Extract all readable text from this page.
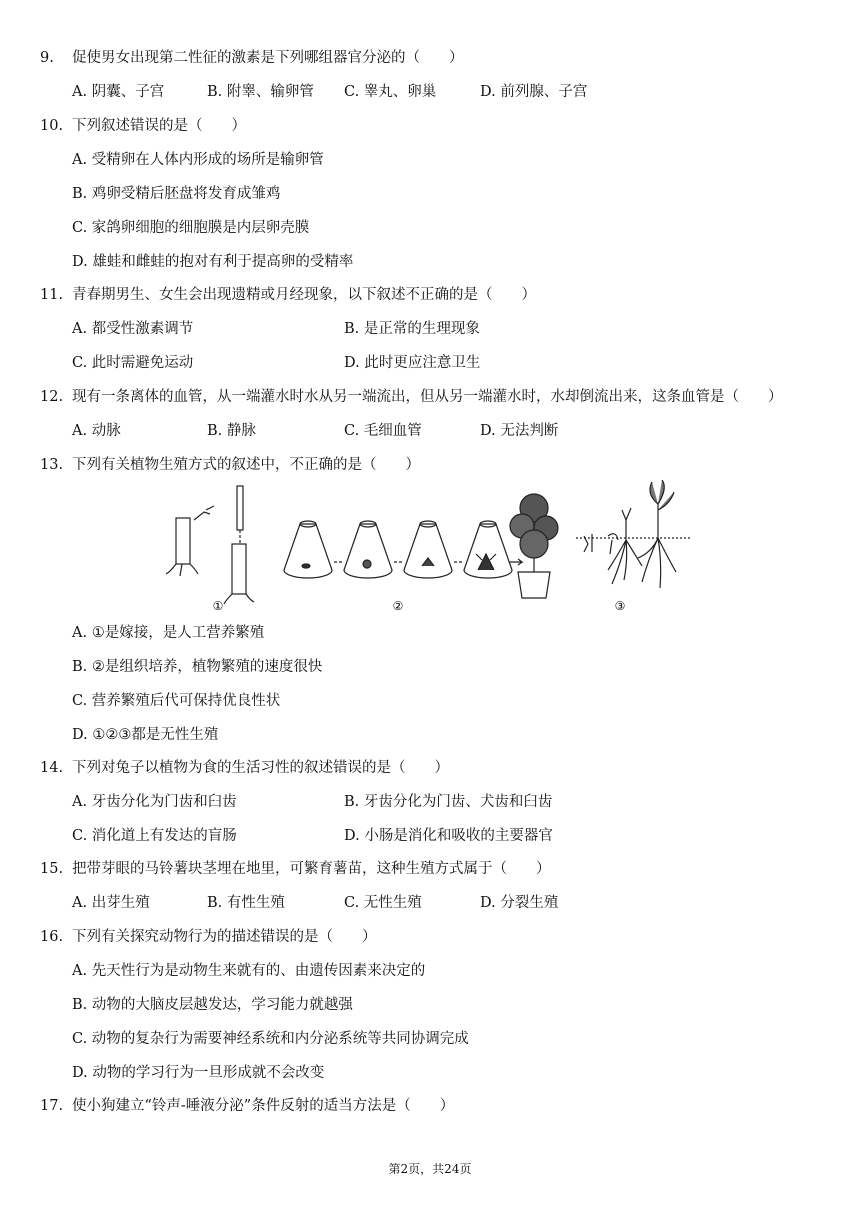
9. 促使男女出现第二性征的激素是下列哪组器官分泌的（　　）
A. 阴囊、子宫	B. 附睾、输卵管 C. 睾丸、卵巢	D. 前列腺、子宫
10. 下列叙述错误的是（　　）
A. 受精卵在人体内形成的场所是输卵管
B. 鸡卵受精后胚盘将发育成雏鸡
C. 家鸽卵细胞的细胞膜是内层卵壳膜
D. 雄蛙和雌蛙的抱对有利于提高卵的受精率
11. 青春期男生、女生会出现遗精或月经现象，以下叙述不正确的是（　　）
A. 都受性激素调节	B. 是正常的生理现象
C. 此时需避免运动	D. 此时更应注意卫生
12. 现有一条离体的血管，从一端灌水时水从另一端流出，但从另一端灌水时，水却倒流出来，这条血管是（　　）
A. 动脉	B. 静脉	C. 毛细血管	D. 无法判断
13. 下列有关植物生殖方式的叙述中，不正确的是（　　）
①	②	③
A. ①是嫁接，是人工营养繁殖
B. ②是组织培养，植物繁殖的速度很快
C. 营养繁殖后代可保持优良性状
D. ①②③都是无性生殖
14. 下列对兔子以植物为食的生活习性的叙述错误的是（　　）
A. 牙齿分化为门齿和臼齿	B. 牙齿分化为门齿、犬齿和臼齿
C. 消化道上有发达的盲肠	D. 小肠是消化和吸收的主要器官
15. 把带芽眼的马铃薯块茎埋在地里，可繁育薯苗，这种生殖方式属于（　　）
A. 出芽生殖	B. 有性生殖	C. 无性生殖	D. 分裂生殖
16. 下列有关探究动物行为的描述错误的是（　　）
A. 先天性行为是动物生来就有的、由遗传因素来决定的
B. 动物的大脑皮层越发达，学习能力就越强
C. 动物的复杂行为需要神经系统和内分泌系统等共同协调完成
D. 动物的学习行为一旦形成就不会改变
17. 使小狗建立“铃声-唾液分泌”条件反射的适当方法是（　　）
第2页，共24页
